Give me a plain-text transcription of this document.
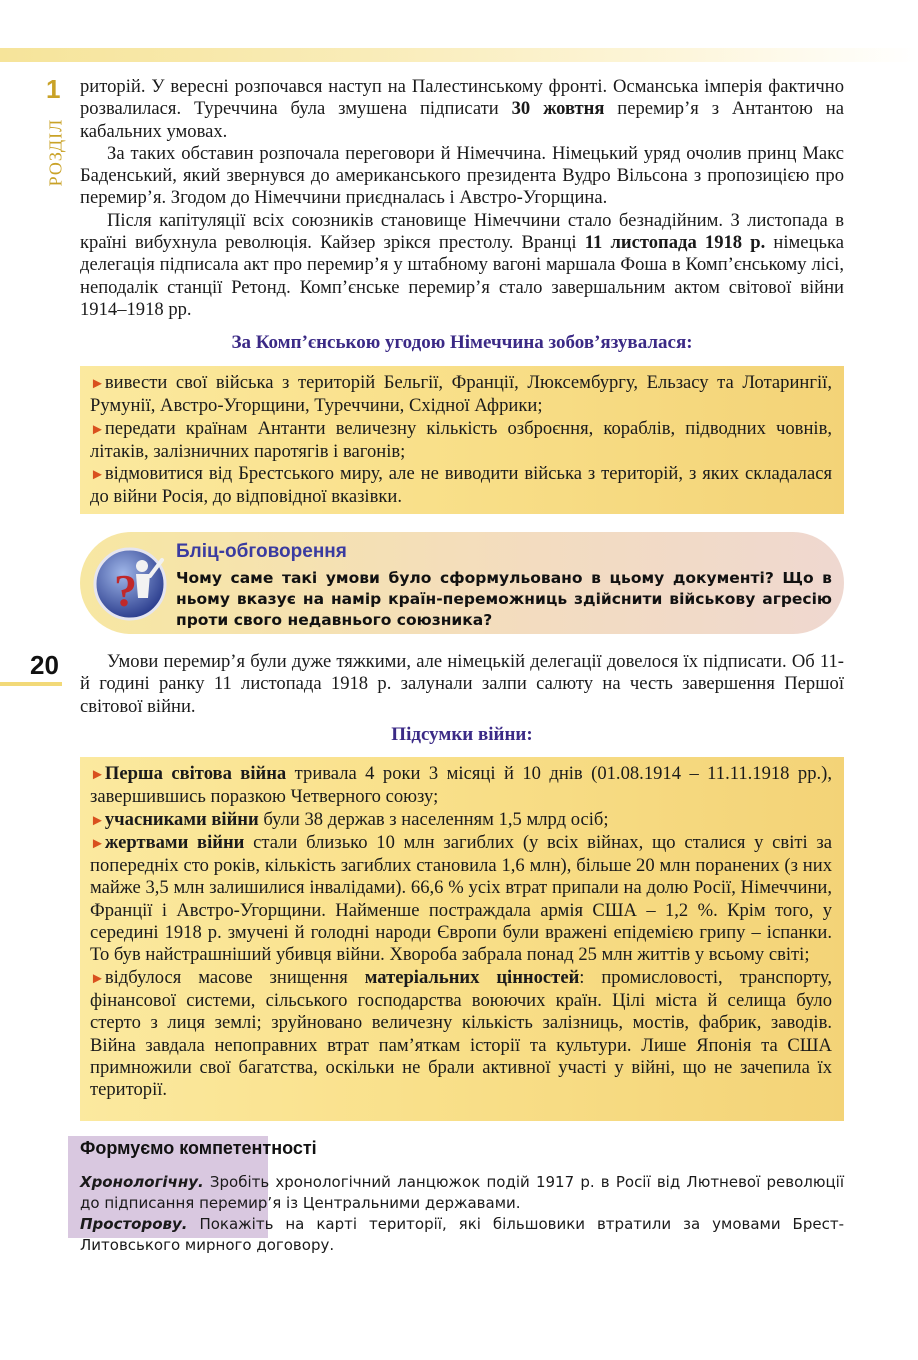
1
РОЗДІЛ

риторій. У вересні розпочався наступ на Палестинському фронті. Османська імперія фактично розвалилася. Туреччина була змушена підписати 30 жовтня перемир’я з Антантою на кабальних умовах.

За таких обставин розпочала переговори й Німеччина. Німецький уряд очолив принц Макс Баденський, який звернувся до американського президента Вудро Вільсона з пропозицією про перемир’я. Згодом до Німеччини приєдналась і Австро-Угорщина.

Після капітуляції всіх союзників становище Німеччини стало безнадійним. З листопада в країні вибухнула революція. Кайзер зрікся престолу. Вранці 11 листопада 1918 р. німецька делегація підписала акт про перемир’я у штабному вагоні маршала Фоша в Комп’єнському лісі, неподалік станції Ретонд. Комп’єнське перемир’я стало завершальним актом світової війни 1914–1918 рр.

За Комп’єнською угодою Німеччина зобов’язувалася:

►вивести свої війська з територій Бельгії, Франції, Люксембургу, Ельзасу та Лотарингії, Румунії, Австро-Угорщини, Туреччини, Східної Африки;

►передати країнам Антанти величезну кількість озброєння, кораблів, підводних човнів, літаків, залізничних паротягів і вагонів;

►відмовитися від Брестського миру, але не виводити війська з територій, з яких складалася до війни Росія, до відповідної вказівки.

?
Бліц-обговорення
Чому саме такі умови було сформульовано в цьому документі? Що в ньому вказує на намір країн-переможниць здійснити військову агресію проти свого недавнього союзника?
20	Умови перемир’я були дуже тяжкими, але німецькій делегації довелося їх підписати. Об 11-й годині ранку 11 листопада 1918 р. залунали залпи салюту на честь завершення Першої світової війни.

Підсумки війни:

►Перша світова війна тривала 4 роки 3 місяці й 10 днів (01.08.1914 – 11.11.1918 рр.), завершившись поразкою Четверного союзу;

►учасниками війни були 38 держав з населенням 1,5 млрд осіб;

►жертвами війни стали близько 10 млн загиблих (у всіх війнах, що сталися у світі за попередніх сто років, кількість загиблих становила 1,6 млн), більше 20 млн поранених (з них майже 3,5 млн залишилися інвалідами). 66,6 % усіх втрат припали на долю Росії, Німеччини, Франції і Австро-Угорщини. Найменше постраждала армія США – 1,2 %. Крім того, у середині 1918 р. змучені й голодні народи Європи були вражені епідемією грипу – іспанки. То був найстрашніший убивця війни. Хвороба забрала понад 25 млн життів у всьому світі;

►відбулося масове знищення матеріальних цінностей: промисловості, транспорту, фінансової системи, сільського господарства воюючих країн. Цілі міста й селища було стерто з лиця землі; зруйновано величезну кількість залізниць, мостів, фабрик, заводів. Війна завдала непоправних втрат пам’яткам історії та культури. Лише Японія та США примножили свої багатства, оскільки не брали активної участі у війні, що не зачепила їх території.

Формуємо компетентності
Хронологічну. Зробіть хронологічний ланцюжок подій 1917 р. в Росії від Лютневої революції до підписання перемир’я із Центральними державами.
Просторову. Покажіть на карті території, які більшовики втратили за умовами Брест-Литовського мирного договору.
